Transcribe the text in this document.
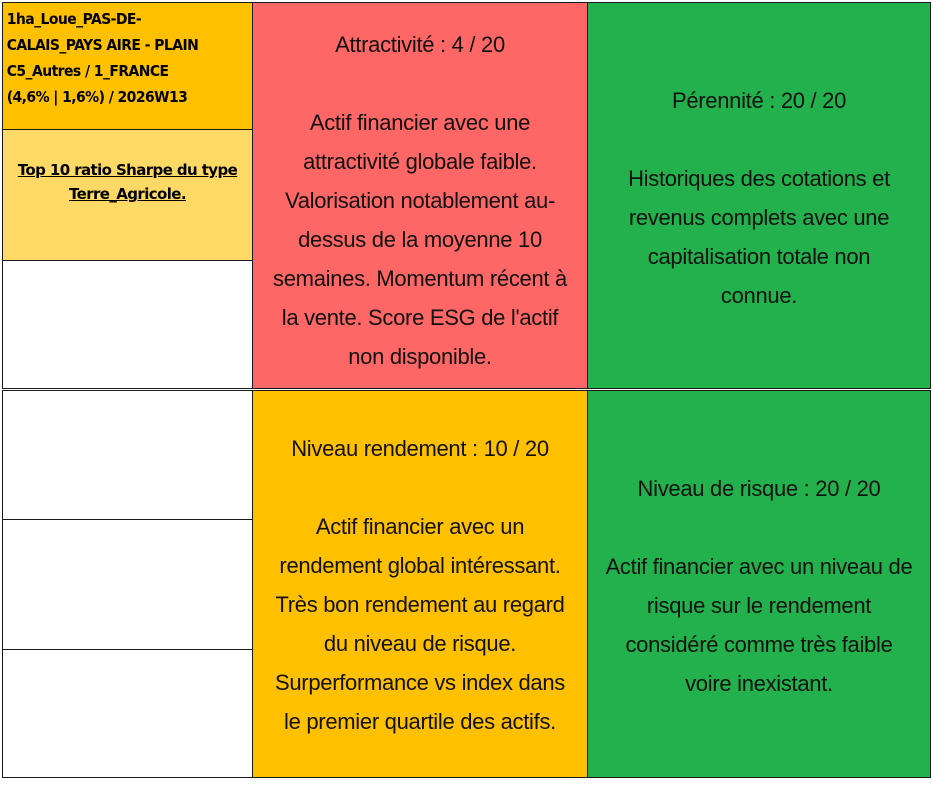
1ha_Loue_PAS-DE-
CALAIS_PAYS AIRE - PLAIN
C5_Autres / 1_FRANCE
(4,6% | 1,6%) / 2026W13
Top 10 ratio Sharpe du type
Terre_Agricole.
Attractivité : 4 / 20
Actif financier avec une
attractivité globale faible.
Valorisation notablement au-
dessus de la moyenne 10
semaines. Momentum récent à
la vente. Score ESG de l'actif
non disponible.
Pérennité : 20 / 20
Historiques des cotations et
revenus complets avec une
capitalisation totale non
connue.
Niveau rendement : 10 / 20
Actif financier avec un
rendement global intéressant.
Très bon rendement au regard
du niveau de risque.
Surperformance vs index dans
le premier quartile des actifs.
Niveau de risque : 20 / 20
Actif financier avec un niveau de
risque sur le rendement
considéré comme très faible
voire inexistant.
